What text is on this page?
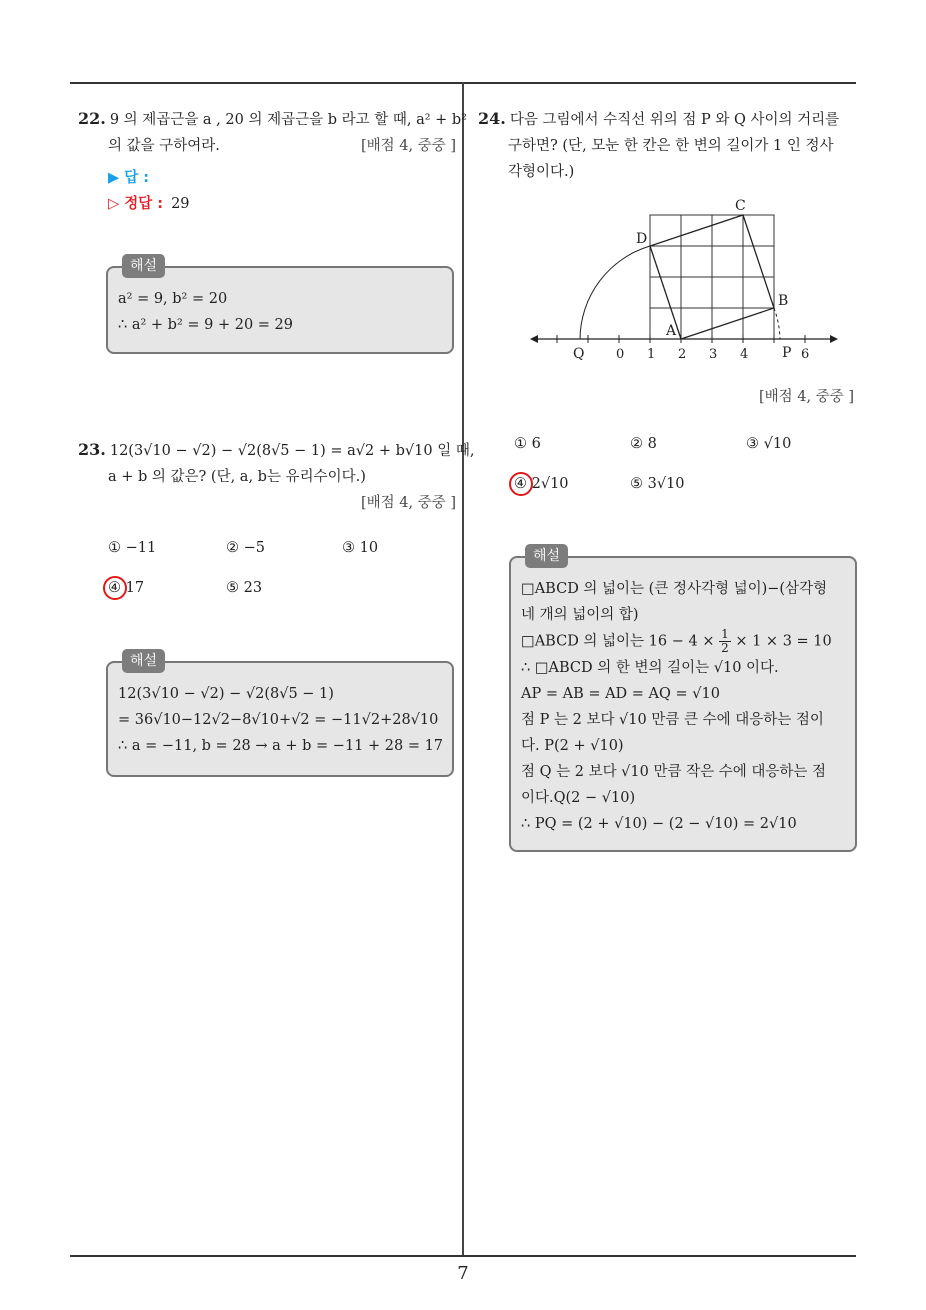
7
22. 9 의 제곱근을 a , 20 의 제곱근을 b 라고 할 때, a² + b²
의 값을 구하여라.	[배점 4, 중중 ]
▶ 답 :
▷ 정답 : 29
해설
a² = 9, b² = 20
∴ a² + b² = 9 + 20 = 29
23. 12(3√10 − √2) − √2(8√5 − 1) = a√2 + b√10 일 때,
a + b 의 값은? (단, a, b는 유리수이다.)
[배점 4, 중중 ]
① −11	② −5	③ 10
④ 17	⑤ 23
해설
12(3√10 − √2) − √2(8√5 − 1)
= 36√10−12√2−8√10+√2 = −11√2+28√10
∴ a = −11, b = 28 → a + b = −11 + 28 = 17
24. 다음 그림에서 수직선 위의 점 P 와 Q 사이의 거리를
구하면? (단, 모눈 한 칸은 한 변의 길이가 1 인 정사
각형이다.)
C
D
B
A
Q	P
0 1 2 3 4	6
[배점 4, 중중 ]
① 6	② 8	③ √10
④ 2√10	⑤ 3√10
해설
□ABCD 의 넓이는 (큰 정사각형 넓이)−(삼각형
네 개의 넓이의 합)
□ABCD 의 넓이는 $16 - 4 \times \frac{1}{2} \times 1 \times 3 = 10$
∴ □ABCD 의 한 변의 길이는 √10 이다.
AP = AB = AD = AQ = √10
점 P 는 2 보다 √10 만큼 큰 수에 대응하는 점이
다. P(2 + √10)
점 Q 는 2 보다 √10 만큼 작은 수에 대응하는 점
이다.Q(2 − √10)
∴ PQ = (2 + √10) − (2 − √10) = 2√10
